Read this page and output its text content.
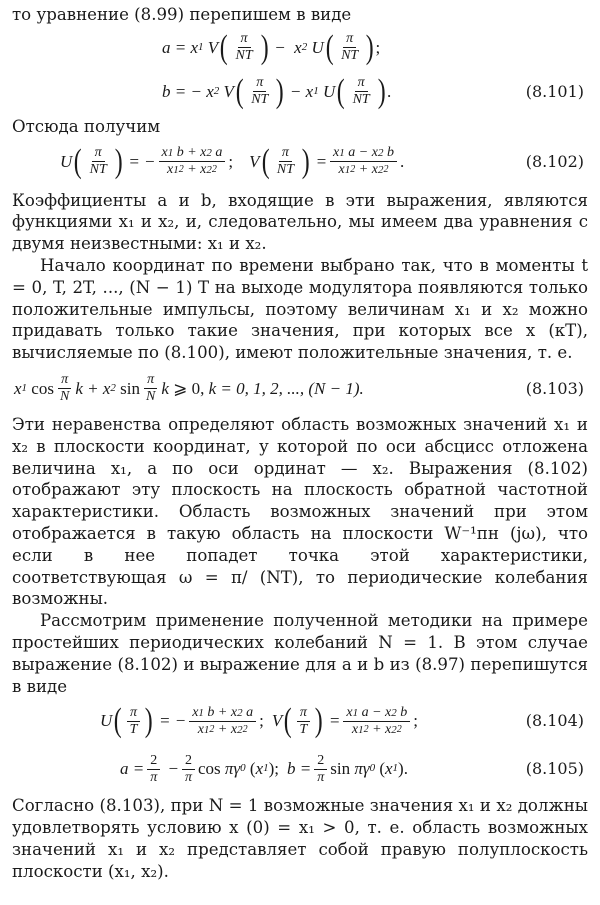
то уравнение (8.99) перепишем в виде

a = x 1 V ( $\frac{\pi}{NT}$ ) −  x 2 U ( $\frac{\pi}{NT}$ ) ;
b = − x 2 V ( $\frac{\pi}{NT}$ ) − x 1 U ( $\frac{\pi}{NT}$ ) .	(8.101)

Отсюда получим

U ( $\frac{\pi}{NT}$ ) = − $\frac{x 1 b + x 2 a}{x 1 2 + x 2 2}$ ; V ( $\frac{\pi}{NT}$ ) = $\frac{x 1 a - x 2 b}{x 1 2 + x 2 2}$ .	(8.102)

Коэффициенты a и b, входящие в эти выражения, являются функциями x₁ и x₂, и, следовательно, мы имеем два уравнения с двумя неизвестными: x₁ и x₂.

Начало координат по времени выбрано так, что в моменты t = 0, T, 2T, ..., (N − 1) T на выходе модулятора появляются только положительные импульсы, поэтому величинам x₁ и x₂ можно придавать только такие значения, при которых все x (кT), вычисляемые по (8.100), имеют положительные значения, т. е.

x 1
$\cos \frac{\pi}{N}$ k + x 2
$\sin \frac{\pi}{N}$ k ⩾ 0, k = 0, 1, 2, ..., (N − 1).	(8.103)

Эти неравенства определяют область возможных значений x₁ и x₂ в плоскости координат, у которой по оси абсцисс отложена величина x₁, а по оси ординат — x₂. Выражения (8.102) отображают эту плоскость на плоскость обратной частотной характеристики. Область возможных значений при этом отображается в такую область на плоскости W⁻¹пн (jω), что если в нее попадет точка этой характеристики, соответствующая ω = π/ (NT), то периодические колебания возможны.

Рассмотрим применение полученной методики на примере простейших периодических колебаний N = 1. В этом случае выражение (8.102) и выражение для a и b из (8.97) перепишутся в виде

U ( $\frac{\pi}{T}$ ) = − $\frac{x 1 b + x 2 a}{x 1 2 + x 2 2}$ ; V ( $\frac{\pi}{T}$ ) = $\frac{x 1 a - x 2 b}{x 1 2 + x 2 2}$ ;	(8.104)
$a = \frac{2}{\pi} - \frac{2}{\pi}$ cos πγ 0
( x 1 ); $b = \frac{2}{\pi}$ sin πγ 0
( x 1 ).	(8.105)

Согласно (8.103), при N = 1 возможные значения x₁ и x₂ должны удовлетворять условию x (0) = x₁ > 0, т. е. область возможных значений x₁ и x₂ представляет собой правую полуплоскость плоскости (x₁, x₂).
